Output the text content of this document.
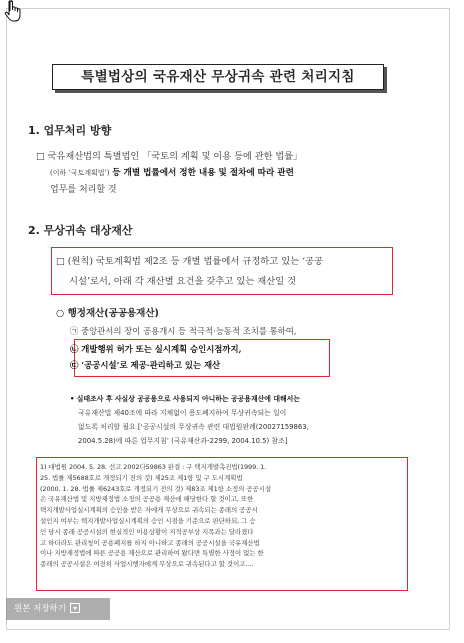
특별법상의 국유재산 무상귀속 관련 처리지침
1. 업무처리 방향
□ 국유재산법의 특별법인 「국토의 계획 및 이용 등에 관한 법률」
(이하 ‘국토계획법’) 등 개별 법률에서 정한 내용 및 절차에 따라 관련
업무를 처리할 것
2. 무상귀속 대상재산
□ (원칙) 국토계획법 제2조 등 개별 법률에서 규정하고 있는 ‘공공
시설’로서, 아래 각 재산별 요건을 갖추고 있는 재산일 것
○ 행정재산(공공용재산)
㉠ 중앙관서의 장이 공용개시 등 적극적·능동적 조치를 통하여,
㉡ 개발행위 허가 또는 실시계획 승인시점까지,
㉢ ‘공공시설’로 제공·관리하고 있는 재산
• 실태조사 후 사실상 공공용으로 사용되지 아니하는 공공용재산에 대해서는
국유재산법 제40조에 따라 지체없이 용도폐지하여 무상귀속되는 일이
없도록 처리할 필요 [‘공공시설의 무상귀속 관련 대법원판례(20027159863,
2004.5.28)에 따른 업무지침’ (국유재산과-2299, 2004.10.5) 참조]
1) 대법원 2004. 5. 28. 선고 2002다59863 판결 : 구 택지개발촉진법(1999. 1.
25. 법률 제5688호로 개정되기 전의 것) 제25조 제1항 및 구 도시계획법
(2000. 1. 28. 법률 제6243호로 개정되기 전의 것) 제83조 제1항 소정의 공공시설
은 국유재산법 및 지방재정법 소정의 공공용 재산에 해당한다 할 것이고, 또한
택지개발사업실시계획의 승인을 받은 자에게 무상으로 귀속되는 종래의 공공시
설인지 여부는 택지개발사업실시계획의 승인 시점을 기준으로 판단하되, 그 승
인 당시 종래 공공시설의 현실적인 이용상황이 지적공부상 지목과는 달라졌다
고 하더라도 관리청이 공용폐지를 하지 아니하고 종래의 공공시설을 국유재산법
이나 지방재정법에 따른 공공용 재산으로 관리하여 왔다면 특별한 사정이 없는 한
종래의 공공시설은 여전히 사업시행자에게 무상으로 귀속된다고 할 것이고....
원본 저장하기
